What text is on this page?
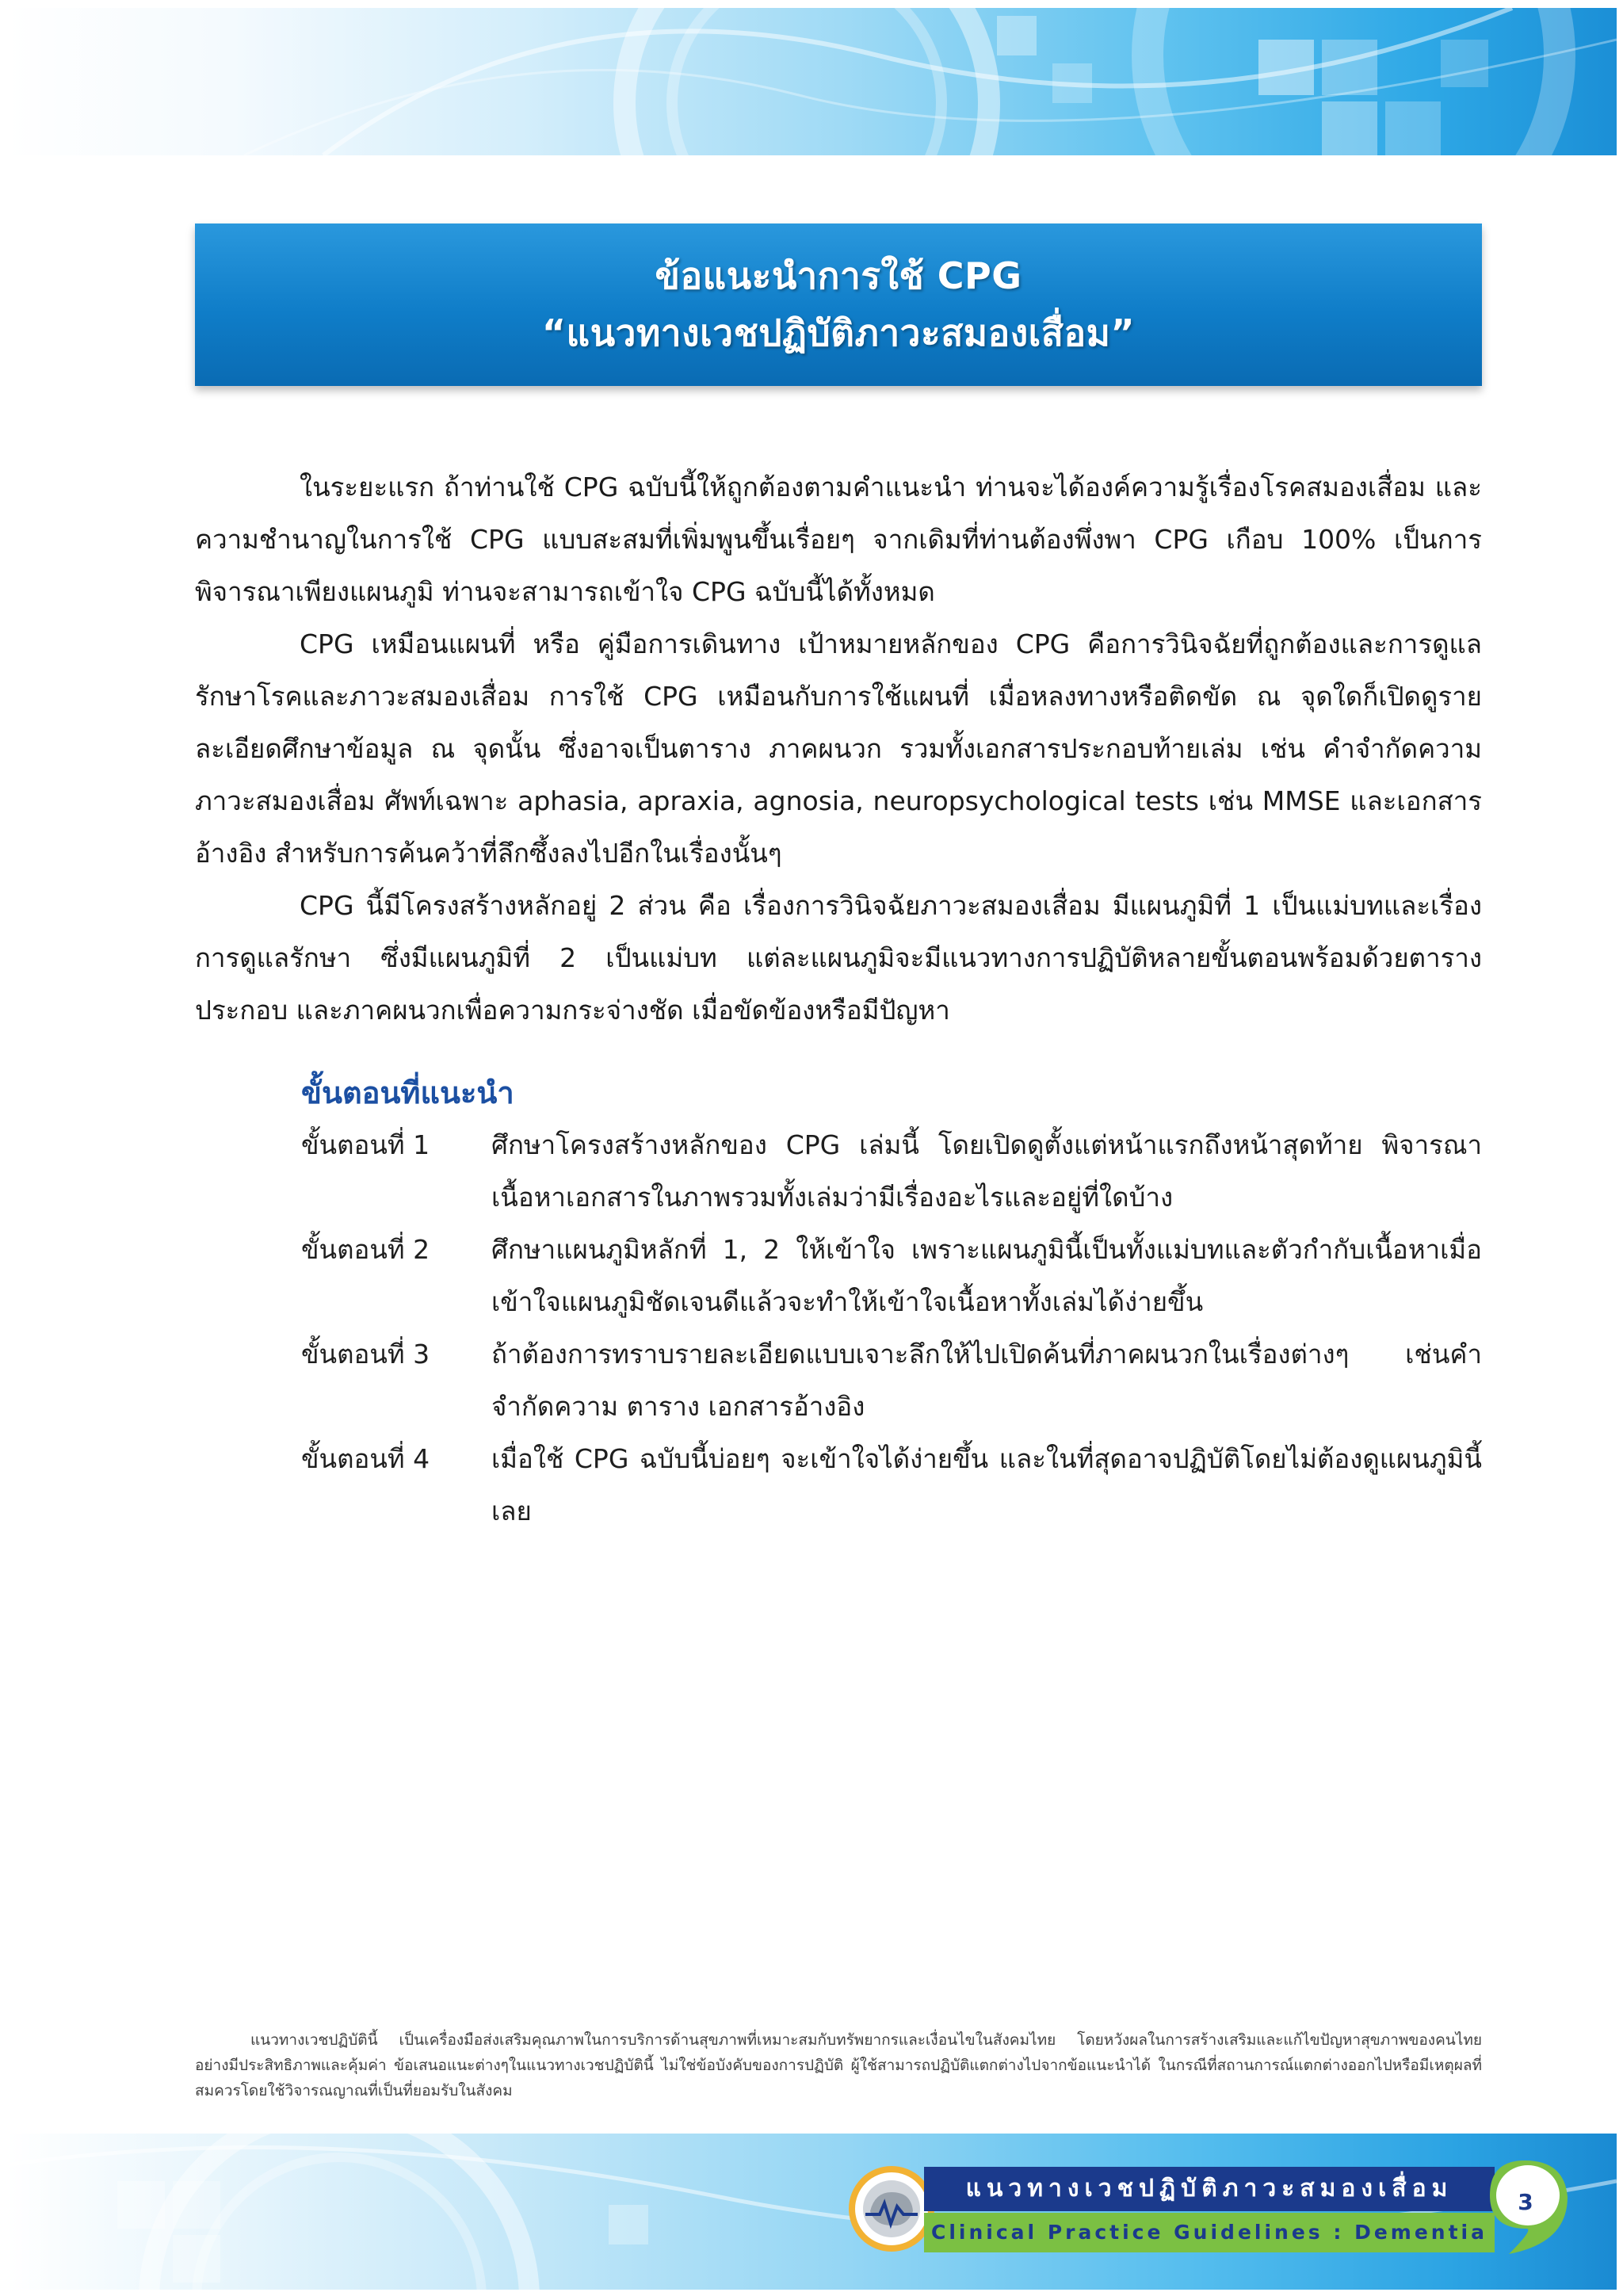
ข้อแนะนำการใช้ CPG
“แนวทางเวชปฏิบัติภาวะสมองเสื่อม”

ในระยะแรก ถ้าท่านใช้ CPG ฉบับนี้ให้ถูกต้องตามคำแนะนำ ท่านจะได้องค์ความรู้เรื่องโรคสมองเสื่อม และความชำนาญในการใช้ CPG แบบสะสมที่เพิ่มพูนขึ้นเรื่อยๆ จากเดิมที่ท่านต้องพึ่งพา CPG เกือบ 100% เป็นการพิจารณาเพียงแผนภูมิ ท่านจะสามารถเข้าใจ CPG ฉบับนี้ได้ทั้งหมด

CPG เหมือนแผนที่ หรือ คู่มือการเดินทาง เป้าหมายหลักของ CPG คือการวินิจฉัยที่ถูกต้องและการดูแลรักษาโรคและภาวะสมองเสื่อม การใช้ CPG เหมือนกับการใช้แผนที่ เมื่อหลงทางหรือติดขัด ณ จุดใดก็เปิดดูรายละเอียดศึกษาข้อมูล ณ จุดนั้น ซึ่งอาจเป็นตาราง ภาคผนวก รวมทั้งเอกสารประกอบท้ายเล่ม เช่น คำจำกัดความ ภาวะสมองเสื่อม ศัพท์เฉพาะ aphasia, apraxia, agnosia, neuropsychological tests เช่น MMSE และเอกสารอ้างอิง สำหรับการค้นคว้าที่ลึกซึ้งลงไปอีกในเรื่องนั้นๆ

CPG นี้มีโครงสร้างหลักอยู่ 2 ส่วน คือ เรื่องการวินิจฉัยภาวะสมองเสื่อม มีแผนภูมิที่ 1 เป็นแม่บทและเรื่องการดูแลรักษา ซึ่งมีแผนภูมิที่ 2 เป็นแม่บท แต่ละแผนภูมิจะมีแนวทางการปฏิบัติหลายขั้นตอนพร้อมด้วยตารางประกอบ และภาคผนวกเพื่อความกระจ่างชัด เมื่อขัดข้องหรือมีปัญหา

ขั้นตอนที่แนะนำ
ขั้นตอนที่ 1	ศึกษาโครงสร้างหลักของ CPG เล่มนี้ โดยเปิดดูตั้งแต่หน้าแรกถึงหน้าสุดท้าย พิจารณาเนื้อหาเอกสารในภาพรวมทั้งเล่มว่ามีเรื่องอะไรและอยู่ที่ใดบ้าง
ขั้นตอนที่ 2	ศึกษาแผนภูมิหลักที่ 1, 2 ให้เข้าใจ เพราะแผนภูมินี้เป็นทั้งแม่บทและตัวกำกับเนื้อหาเมื่อเข้าใจแผนภูมิชัดเจนดีแล้วจะทำให้เข้าใจเนื้อหาทั้งเล่มได้ง่ายขึ้น
ขั้นตอนที่ 3	ถ้าต้องการทราบรายละเอียดแบบเจาะลึกให้ไปเปิดค้นที่ภาคผนวกในเรื่องต่างๆ เช่นคำจำกัดความ ตาราง เอกสารอ้างอิง
ขั้นตอนที่ 4	เมื่อใช้ CPG ฉบับนี้บ่อยๆ จะเข้าใจได้ง่ายขึ้น และในที่สุดอาจปฏิบัติโดยไม่ต้องดูแผนภูมินี้เลย
แนวทางเวชปฏิบัตินี้ เป็นเครื่องมือส่งเสริมคุณภาพในการบริการด้านสุขภาพที่เหมาะสมกับทรัพยากรและเงื่อนไขในสังคมไทย โดยหวังผลในการสร้างเสริมและแก้ไขปัญหาสุขภาพของคนไทยอย่างมีประสิทธิภาพและคุ้มค่า ข้อเสนอแนะต่างๆในแนวทางเวชปฏิบัตินี้ ไม่ใช่ข้อบังคับของการปฏิบัติ ผู้ใช้สามารถปฏิบัติแตกต่างไปจากข้อแนะนำได้ ในกรณีที่สถานการณ์แตกต่างออกไปหรือมีเหตุผลที่สมควรโดยใช้วิจารณญาณที่เป็นที่ยอมรับในสังคม
แนวทางเวชปฏิบัติภาวะสมองเสื่อม
Clinical Practice Guidelines : Dementia
3
